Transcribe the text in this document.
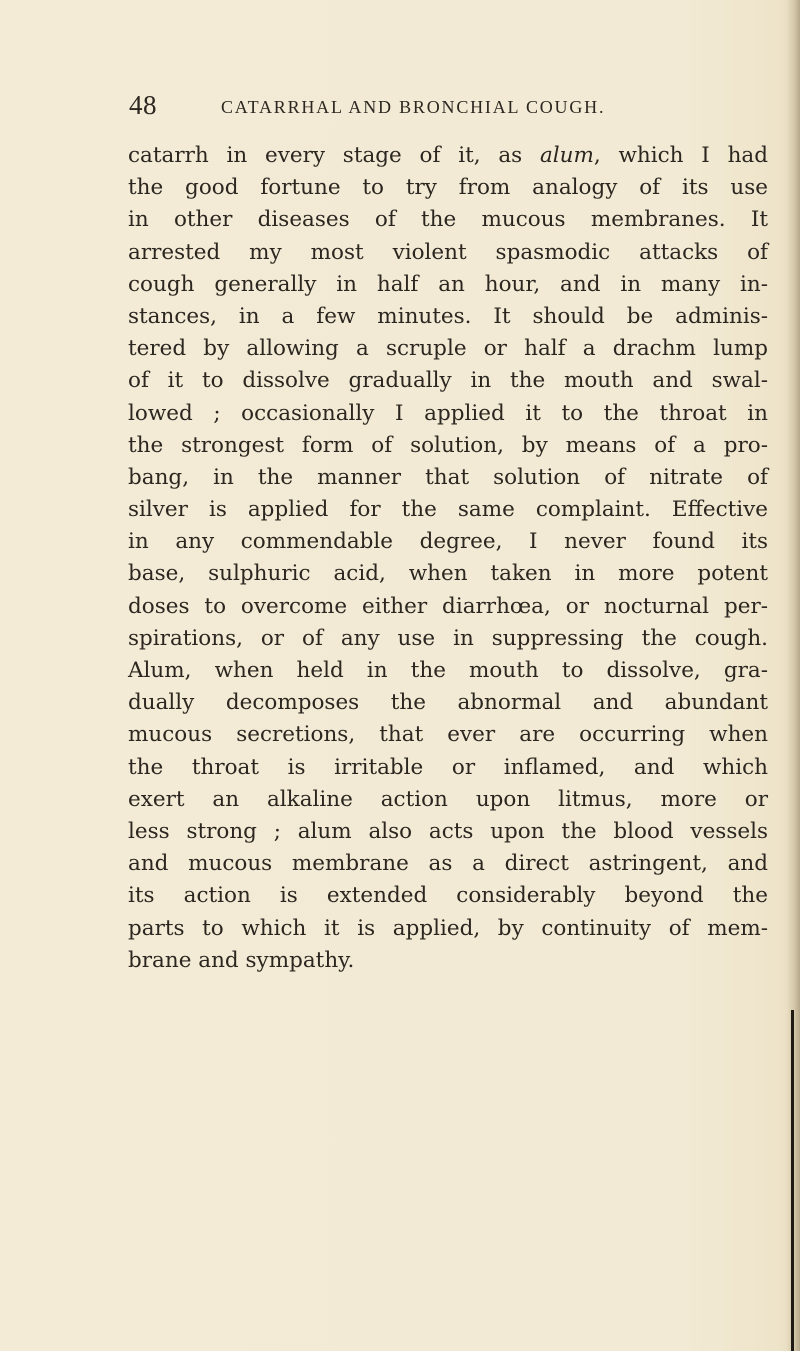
48	CATARRHAL AND BRONCHIAL COUGH.
catarrh in every stage of it, as alum, which I had
the good fortune to try from analogy of its use
in other diseases of the mucous membranes. It
arrested my most violent spasmodic attacks of
cough generally in half an hour, and in many in-
stances, in a few minutes. It should be adminis-
tered by allowing a scruple or half a drachm lump
of it to dissolve gradually in the mouth and swal-
lowed ; occasionally I applied it to the throat in
the strongest form of solution, by means of a pro-
bang, in the manner that solution of nitrate of
silver is applied for the same complaint. Effective
in any commendable degree, I never found its
base, sulphuric acid, when taken in more potent
doses to overcome either diarrhœa, or nocturnal per-
spirations, or of any use in suppressing the cough.
Alum, when held in the mouth to dissolve, gra-
dually decomposes the abnormal and abundant
mucous secretions, that ever are occurring when
the throat is irritable or inflamed, and which
exert an alkaline action upon litmus, more or
less strong ; alum also acts upon the blood vessels
and mucous membrane as a direct astringent, and
its action is extended considerably beyond the
parts to which it is applied, by continuity of mem-
brane and sympathy.
